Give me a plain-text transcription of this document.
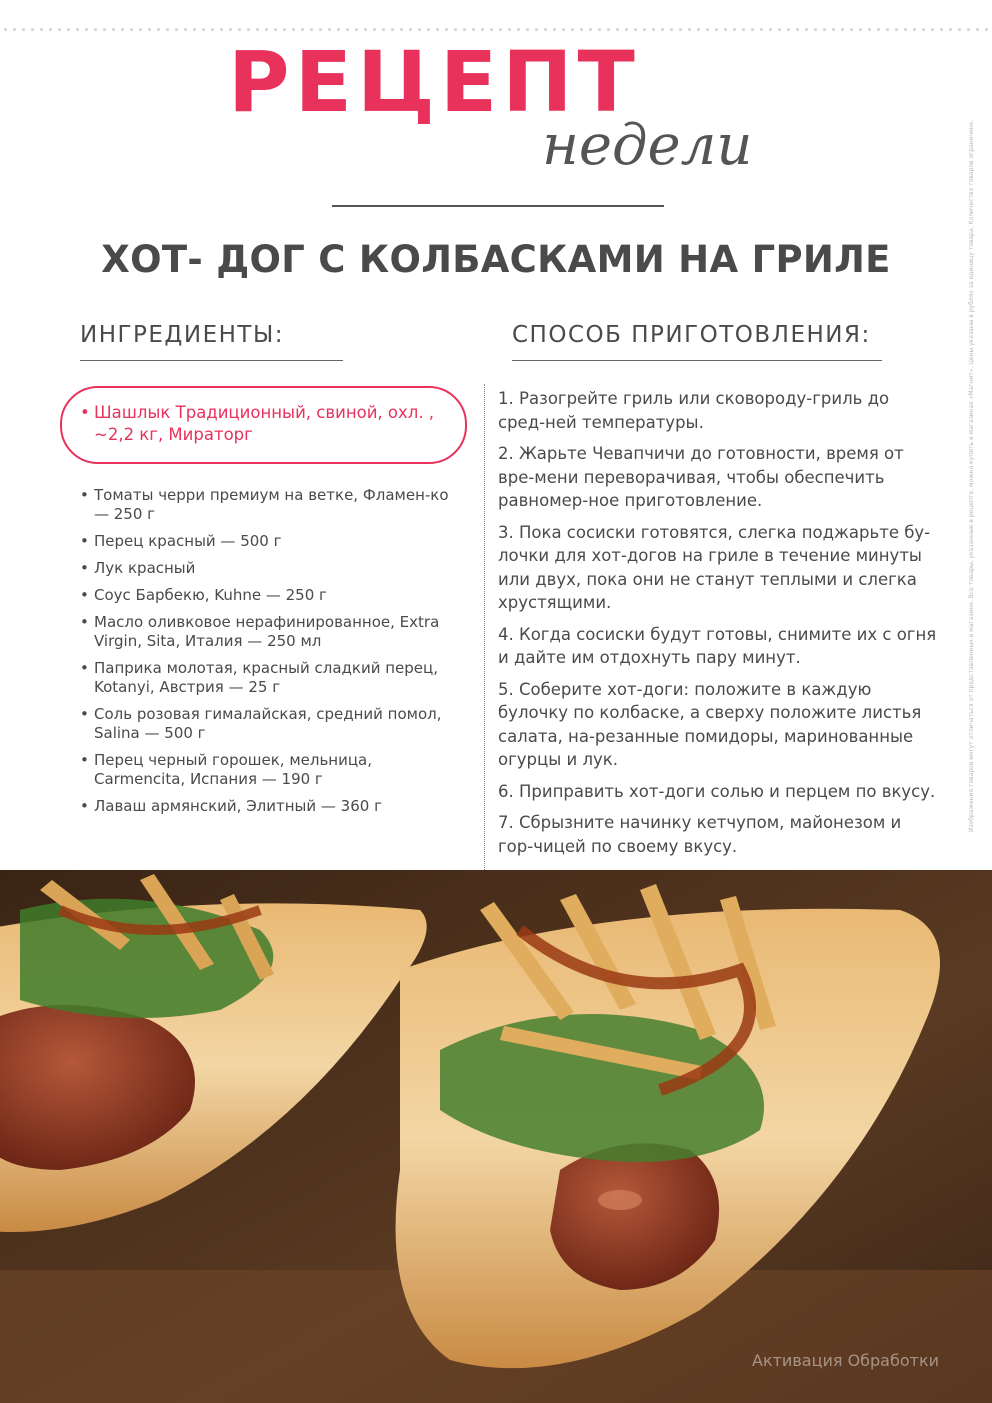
РЕЦЕПТ
недели
ХОТ- ДОГ С КОЛБАСКАМИ НА ГРИЛЕ
ИНГРЕДИЕНТЫ:	СПОСОБ ПРИГОТОВЛЕНИЯ:
• Шашлык Традиционный, свиной, охл. , ~2,2 кг, Мираторг
• Томаты черри премиум на ветке, Фламен-ко — 250 г
• Перец красный — 500 г
• Лук красный
• Соус Барбекю, Kuhne — 250 г
• Масло оливковое нерафинированное, Extra Virgin, Sita, Италия — 250 мл
• Паприка молотая, красный сладкий перец, Kotanyi, Австрия — 25 г
• Соль розовая гималайская, средний помол, Salina — 500 г
• Перец черный горошек, мельница, Carmencita, Испания — 190 г
• Лаваш армянский, Элитный — 360 г
1. Разогрейте гриль или сковороду-гриль до сред-ней температуры.
2. Жарьте Чевапчичи до готовности, время от вре-мени переворачивая, чтобы обеспечить равномер-ное приготовление.
3. Пока сосиски готовятся, слегка поджарьте бу-лочки для хот-догов на гриле в течение минуты или двух, пока они не станут теплыми и слегка хрустящими.
4. Когда сосиски будут готовы, снимите их с огня и дайте им отдохнуть пару минут.
5. Соберите хот-доги: положите в каждую булочку по колбаске, а сверху положите листья салата, на-резанные помидоры, маринованные огурцы и лук.
6. Приправить хот-доги солью и перцем по вкусу.
7. Сбрызните начинку кетчупом, майонезом и гор-чицей по своему вкусу.
Изображения товаров могут отличаться от представленных в магазине. Все товары, указанные в рецепте, можно купить в магазинах «Магнит». Цены указаны в рублях за единицу товара. Количество товаров ограничено.
Активация Обработки
